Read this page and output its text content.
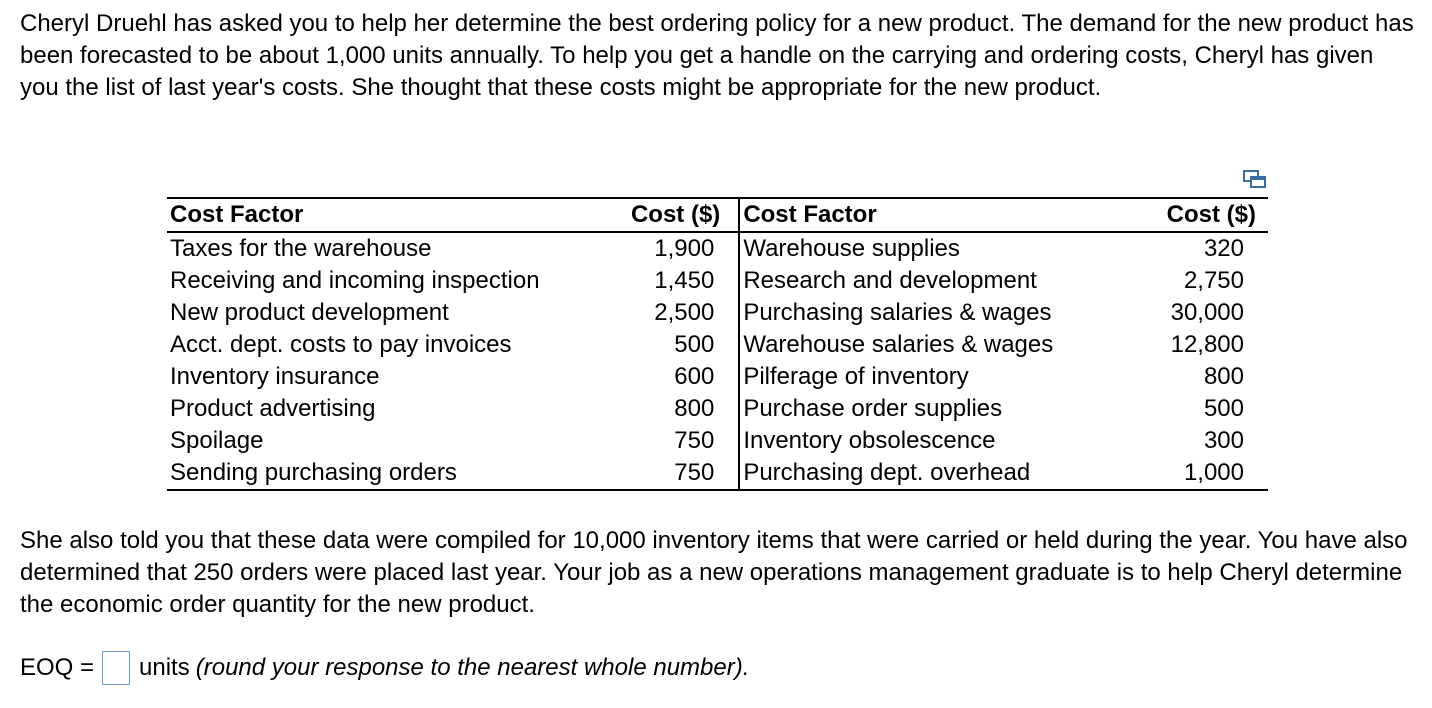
Cheryl Druehl has asked you to help her determine the best ordering policy for a new product. The demand for the new product has been forecasted to be about 1,000 units annually. To help you get a handle on the carrying and ordering costs, Cheryl has given you the list of last year's costs. She thought that these costs might be appropriate for the new product.

Cost Factor	Cost ($)	Cost Factor	Cost ($)
Taxes for the warehouse	1,900	Warehouse supplies	320
Receiving and incoming inspection	1,450	Research and development	2,750
New product development	2,500	Purchasing salaries & wages	30,000
Acct. dept. costs to pay invoices	500	Warehouse salaries & wages	12,800
Inventory insurance	600	Pilferage of inventory	800
Product advertising	800	Purchase order supplies	500
Spoilage	750	Inventory obsolescence	300
Sending purchasing orders	750	Purchasing dept. overhead	1,000

She also told you that these data were compiled for 10,000 inventory items that were carried or held during the year. You have also determined that 250 orders were placed last year. Your job as a new operations management graduate is to help Cheryl determine the economic order quantity for the new product.

EOQ = units (round your response to the nearest whole number).
